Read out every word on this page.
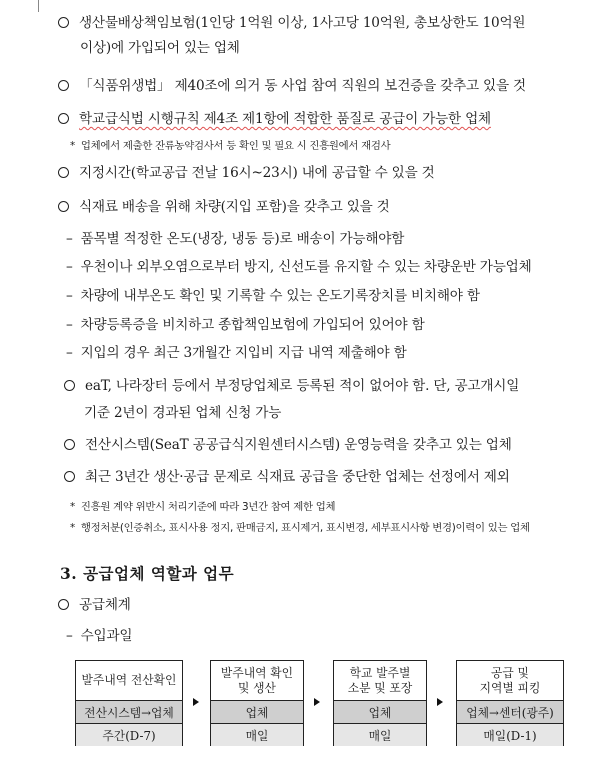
생산물배상책임보험(1인당 1억원 이상, 1사고당 10억원, 총보상한도 10억원
이상)에 가입되어 있는 업체
「식품위생법」 제40조에 의거 동 사업 참여 직원의 보건증을 갖추고 있을 것
학교급식법 시행규칙 제4조 제1항에 적합한 품질로 공급이 가능한 업체
* 업체에서 제출한 잔류농약검사서 등 확인 및 필요 시 진흥원에서 재검사
지정시간(학교공급 전날 16시~23시) 내에 공급할 수 있을 것
식재료 배송을 위해 차량(지입 포함)을 갖추고 있을 것
– 품목별 적정한 온도(냉장, 냉동 등)로 배송이 가능해야함
– 우천이나 외부오염으로부터 방지, 신선도를 유지할 수 있는 차량운반 가능업체
– 차량에 내부온도 확인 및 기록할 수 있는 온도기록장치를 비치해야 함
– 차량등록증을 비치하고 종합책임보험에 가입되어 있어야 함
– 지입의 경우 최근 3개월간 지입비 지급 내역 제출해야 함
eaT, 나라장터 등에서 부정당업체로 등록된 적이 없어야 함. 단, 공고개시일
기준 2년이 경과된 업체 신청 가능
전산시스템(SeaT 공공급식지원센터시스템) 운영능력을 갖추고 있는 업체
최근 3년간 생산·공급 문제로 식재료 공급을 중단한 업체는 선정에서 제외
* 진흥원 계약 위반시 처리기준에 따라 3년간 참여 제한 업체
* 행정처분(인증취소, 표시사용 정지, 판매금지, 표시제거, 표시변경, 세부표시사항 변경)이력이 있는 업체
3. 공급업체 역할과 업무
공급체계
– 수입과일
발주내역 전산확인
전산시스템→업체
주간(D-7)
발주내역 확인
및 생산
업체
매일
학교 발주별
소분 및 포장
업체
매일
공급 및
지역별 피킹
업체→센터(광주)
매일(D-1)
